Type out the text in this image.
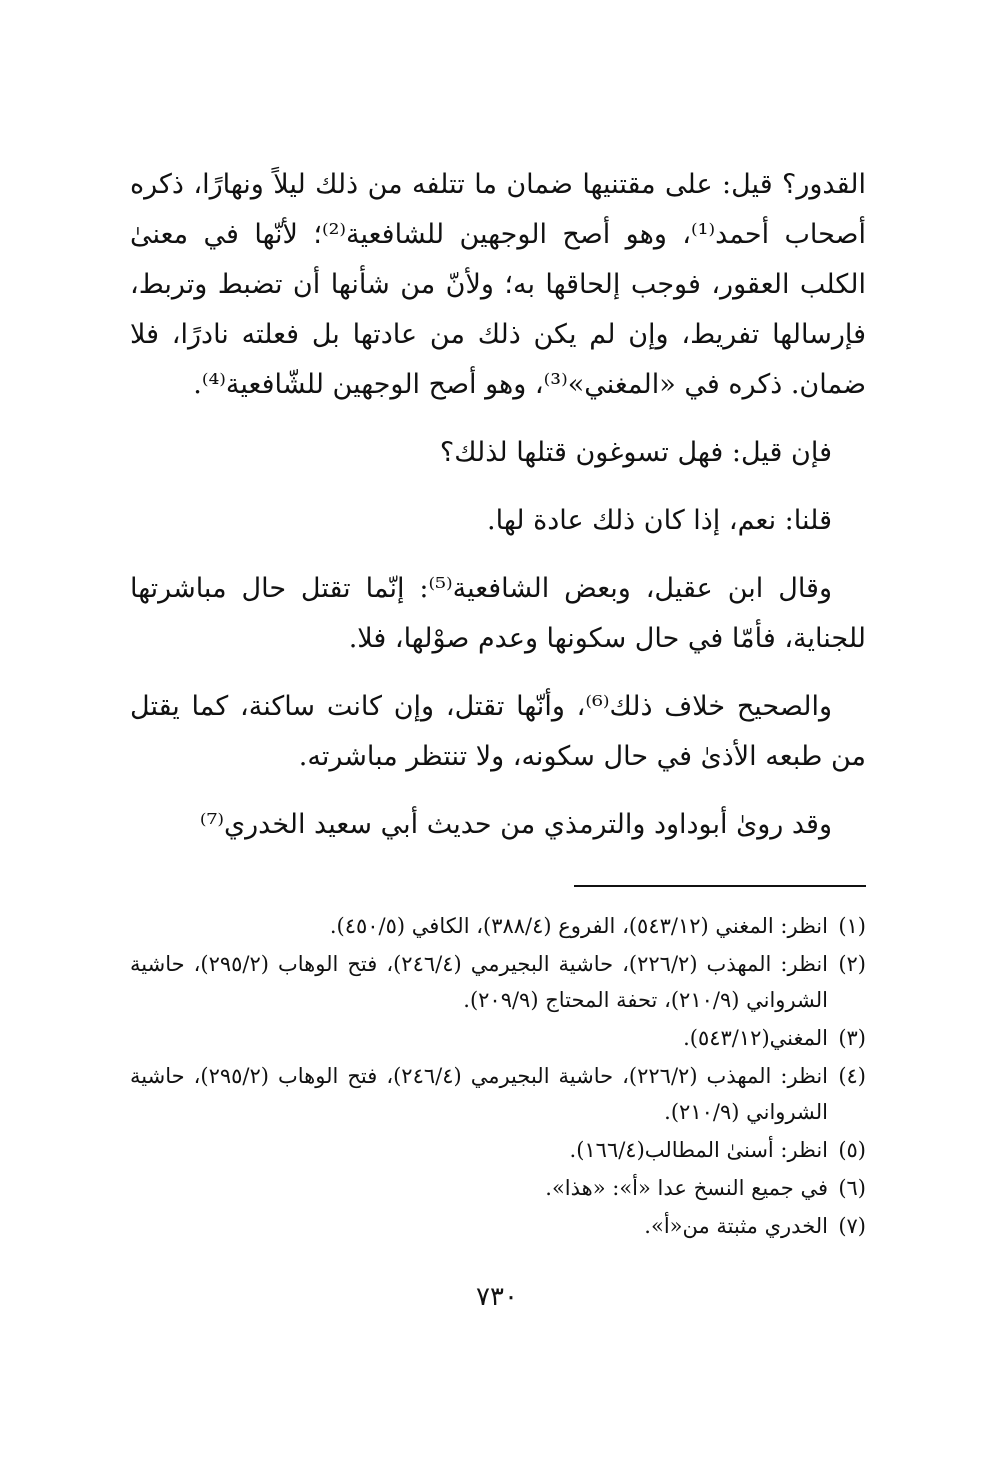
القدور؟ قيل: على مقتنيها ضمان ما تتلفه من ذلك ليلاً ونهارًا، ذكره أصحاب أحمد⁽¹⁾، وهو أصح الوجهين للشافعية⁽²⁾؛ لأنّها في معنىٰ الكلب العقور، فوجب إلحاقها به؛ ولأنّ من شأنها أن تضبط وتربط، فإرسالها تفريط، وإن لم يكن ذلك من عادتها بل فعلته نادرًا، فلا ضمان. ذكره في «المغني»⁽³⁾، وهو أصح الوجهين للشّافعية⁽⁴⁾.

فإن قيل: فهل تسوغون قتلها لذلك؟

قلنا: نعم، إذا كان ذلك عادة لها.

وقال ابن عقيل، وبعض الشافعية⁽⁵⁾: إنّما تقتل حال مباشرتها للجناية، فأمّا في حال سكونها وعدم صوْلها، فلا.

والصحيح خلاف ذلك⁽⁶⁾، وأنّها تقتل، وإن كانت ساكنة، كما يقتل من طبعه الأذىٰ في حال سكونه، ولا تنتظر مباشرته.

وقد روىٰ أبوداود والترمذي من حديث أبي سعيد الخدري⁽⁷⁾

(١)
انظر: المغني (٥٤٣/١٢)، الفروع (٣٨٨/٤)، الكافي (٤٥٠/٥).
(٢)
انظر: المهذب (٢٢٦/٢)، حاشية البجيرمي (٢٤٦/٤)، فتح الوهاب (٢٩٥/٢)، حاشية الشرواني (٢١٠/٩)، تحفة المحتاج (٢٠٩/٩).
(٣)
المغني(٥٤٣/١٢).
(٤)
انظر: المهذب (٢٢٦/٢)، حاشية البجيرمي (٢٤٦/٤)، فتح الوهاب (٢٩٥/٢)، حاشية الشرواني (٢١٠/٩).
(٥)
انظر: أسنىٰ المطالب(١٦٦/٤).
(٦)
في جميع النسخ عدا «أ»: «هذا».
(٧)
الخدري مثبتة من«أ».
٧٣٠
